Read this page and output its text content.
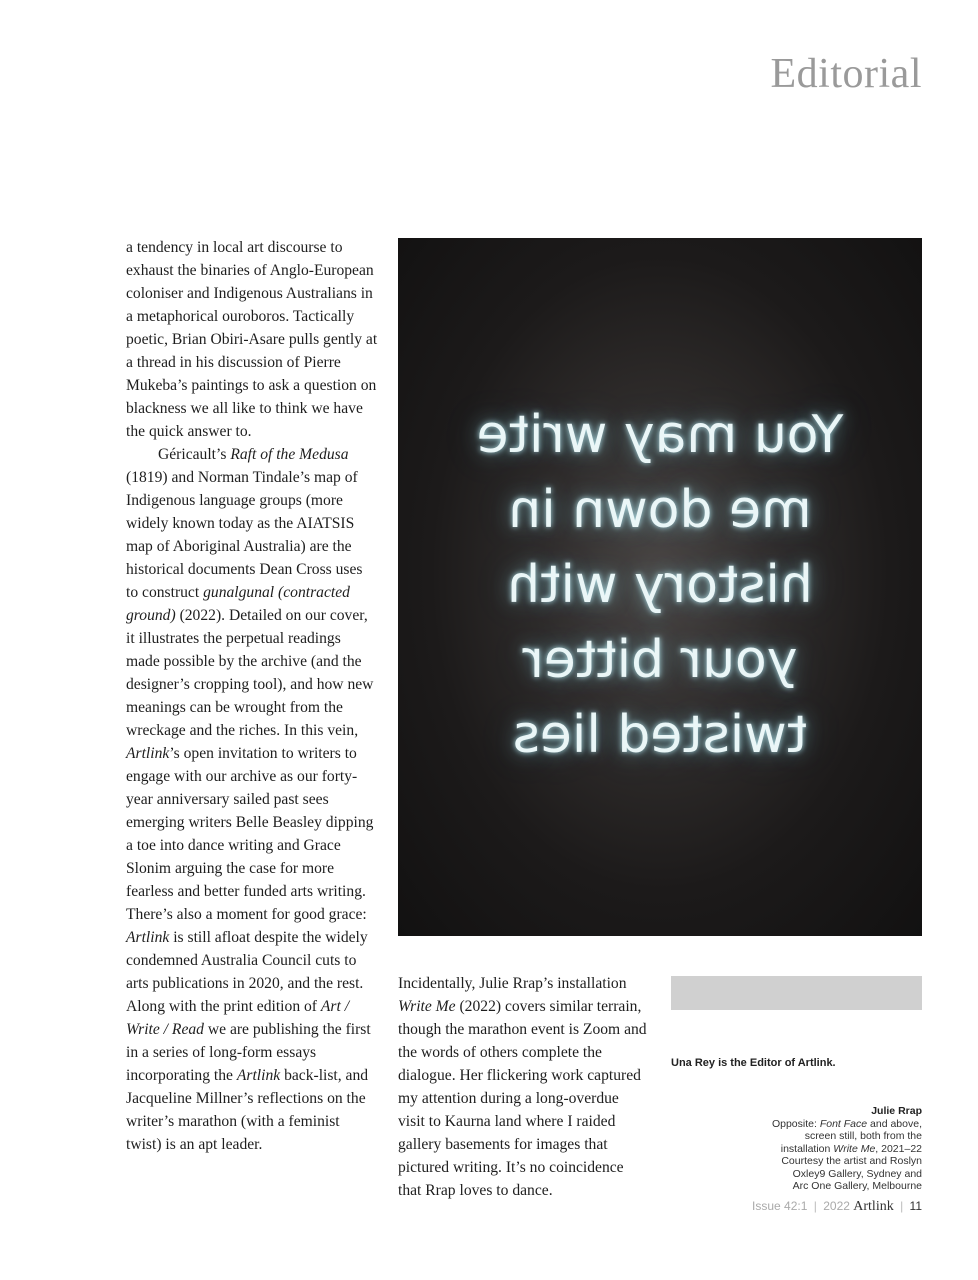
Editorial

a tendency in local art discourse to exhaust the binaries of Anglo-European coloniser and Indigenous Australians in a metaphorical ouroboros. Tactically poetic, Brian Obiri-Asare pulls gently at a thread in his discussion of Pierre Mukeba’s paintings to ask a question on blackness we all like to think we have the quick answer to.

Géricault’s Raft of the Medusa (1819) and Norman Tindale’s map of Indigenous language groups (more widely known today as the AIATSIS map of Aboriginal Australia) are the historical documents Dean Cross uses to construct gunalgunal (contracted ground) (2022). Detailed on our cover, it illustrates the perpetual readings made possible by the archive (and the designer’s cropping tool), and how new meanings can be wrought from the wreckage and the riches. In this vein, Artlink’s open invitation to writers to engage with our archive as our forty-year anniversary sailed past sees emerging writers Belle Beasley dipping a toe into dance writing and Grace Slonim arguing the case for more fearless and better funded arts writing. There’s also a moment for good grace: Artlink is still afloat despite the widely condemned Australia Council cuts to arts publications in 2020, and the rest. Along with the print edition of Art / Write / Read we are publishing the first in a series of long-form essays incorporating the Artlink back-list, and Jacqueline Millner’s reflections on the writer’s marathon (with a feminist twist) is an apt leader.

You may write
me down in
history with
your bitter
twisted lies

Incidentally, Julie Rrap’s installation Write Me (2022) covers similar terrain, though the marathon event is Zoom and the words of others complete the dialogue. Her flickering work captured my attention during a long-overdue visit to Kaurna land where I raided gallery basements for images that pictured writing. It’s no coincidence that Rrap loves to dance.

Una Rey is the Editor of Artlink.
Julie Rrap
Opposite: Font Face and above,
screen still, both from the
installation Write Me, 2021–22
Courtesy the artist and Roslyn
Oxley9 Gallery, Sydney and
Arc One Gallery, Melbourne
Issue 42:1 | 2022 Artlink | 11
